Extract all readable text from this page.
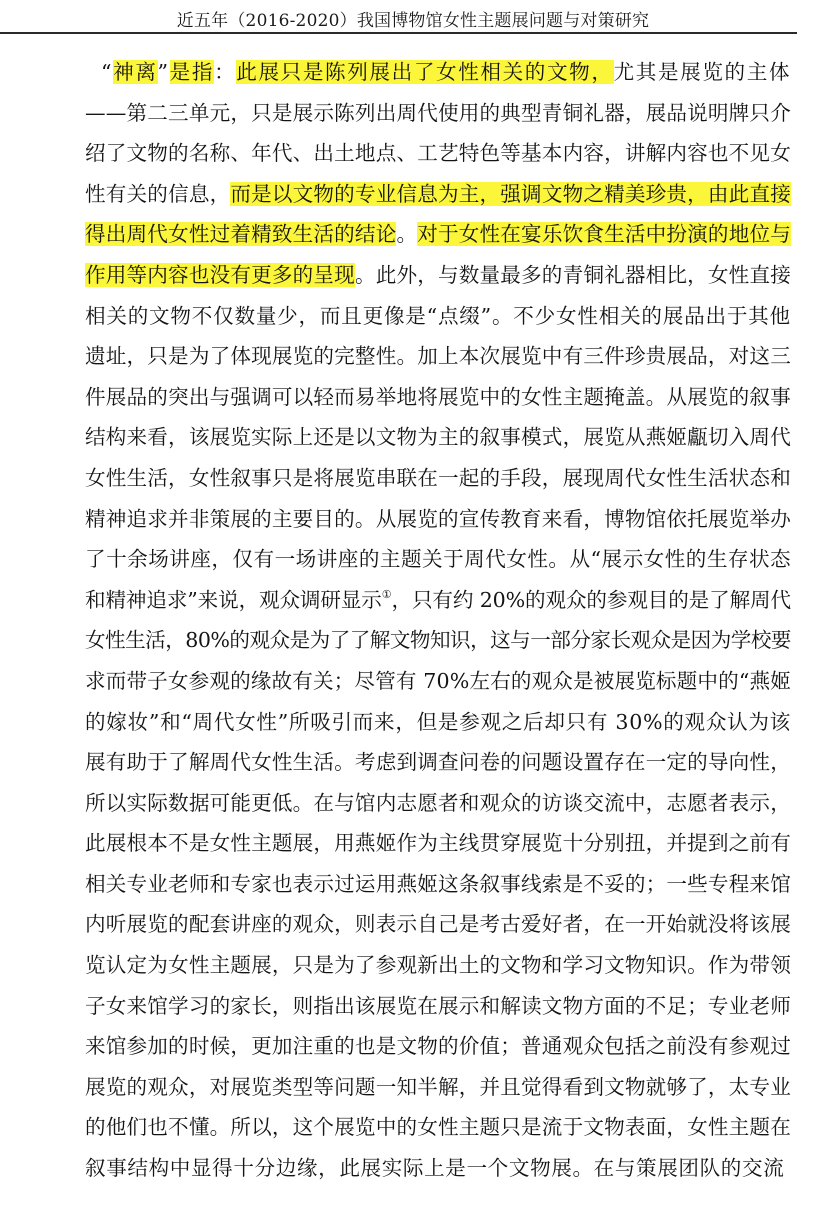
近五年（2016-2020）我国博物馆女性主题展问题与对策研究
“神离”是指：此展只是陈列展出了女性相关的文物，尤其是展览的主体
——第二三单元，只是展示陈列出周代使用的典型青铜礼器，展品说明牌只介
绍了文物的名称、年代、出土地点、工艺特色等基本内容，讲解内容也不见女
性有关的信息，而是以文物的专业信息为主，强调文物之精美珍贵，由此直接
得出周代女性过着精致生活的结论。对于女性在宴乐饮食生活中扮演的地位与
作用等内容也没有更多的呈现。此外，与数量最多的青铜礼器相比，女性直接
相关的文物不仅数量少，而且更像是“点缀”。不少女性相关的展品出于其他
遗址，只是为了体现展览的完整性。加上本次展览中有三件珍贵展品，对这三
件展品的突出与强调可以轻而易举地将展览中的女性主题掩盖。从展览的叙事
结构来看，该展览实际上还是以文物为主的叙事模式，展览从燕姬甗切入周代
女性生活，女性叙事只是将展览串联在一起的手段，展现周代女性生活状态和
精神追求并非策展的主要目的。从展览的宣传教育来看，博物馆依托展览举办
了十余场讲座，仅有一场讲座的主题关于周代女性。从“展示女性的生存状态
和精神追求”来说，观众调研显示①，只有约 20%的观众的参观目的是了解周代
女性生活，80%的观众是为了了解文物知识，这与一部分家长观众是因为学校要
求而带子女参观的缘故有关；尽管有 70%左右的观众是被展览标题中的“燕姬
的嫁妆”和“周代女性”所吸引而来，但是参观之后却只有 30%的观众认为该
展有助于了解周代女性生活。考虑到调查问卷的问题设置存在一定的导向性，
所以实际数据可能更低。在与馆内志愿者和观众的访谈交流中，志愿者表示，
此展根本不是女性主题展，用燕姬作为主线贯穿展览十分别扭，并提到之前有
相关专业老师和专家也表示过运用燕姬这条叙事线索是不妥的；一些专程来馆
内听展览的配套讲座的观众，则表示自己是考古爱好者，在一开始就没将该展
览认定为女性主题展，只是为了参观新出土的文物和学习文物知识。作为带领
子女来馆学习的家长，则指出该展览在展示和解读文物方面的不足；专业老师
来馆参加的时候，更加注重的也是文物的价值；普通观众包括之前没有参观过
展览的观众，对展览类型等问题一知半解，并且觉得看到文物就够了，太专业
的他们也不懂。所以，这个展览中的女性主题只是流于文物表面，女性主题在
叙事结构中显得十分边缘，此展实际上是一个文物展。在与策展团队的交流
